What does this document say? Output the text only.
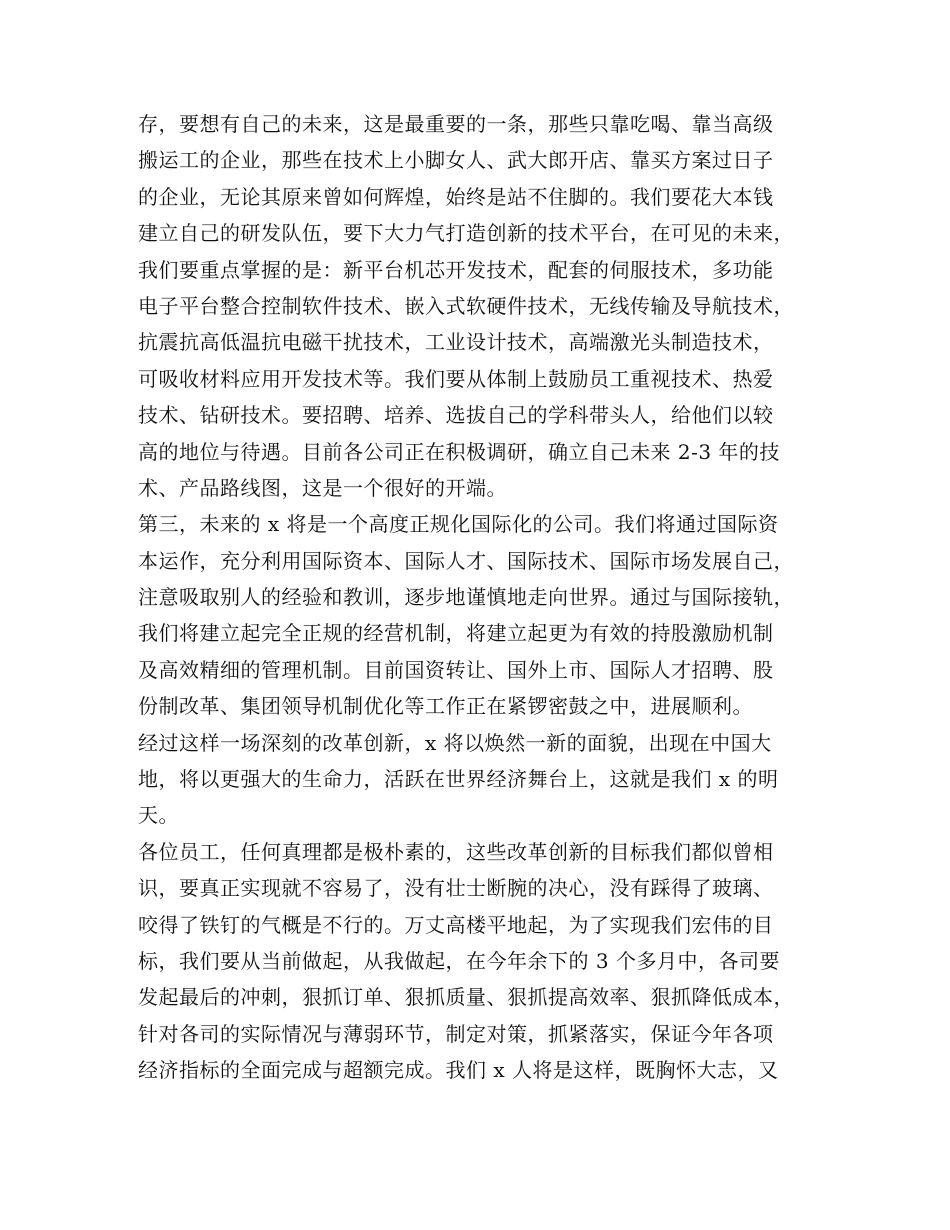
存，要想有自己的未来，这是最重要的一条，那些只靠吃喝、靠当高级
搬运工的企业，那些在技术上小脚女人、武大郎开店、靠买方案过日子
的企业，无论其原来曾如何辉煌，始终是站不住脚的。我们要花大本钱
建立自己的研发队伍，要下大力气打造创新的技术平台，在可见的未来，
我们要重点掌握的是：新平台机芯开发技术，配套的伺服技术，多功能
电子平台整合控制软件技术、嵌入式软硬件技术，无线传输及导航技术，
抗震抗高低温抗电磁干扰技术，工业设计技术，高端激光头制造技术，
可吸收材料应用开发技术等。我们要从体制上鼓励员工重视技术、热爱
技术、钻研技术。要招聘、培养、选拔自己的学科带头人，给他们以较
高的地位与待遇。目前各公司正在积极调研，确立自己未来 2-3 年的技
术、产品路线图，这是一个很好的开端。
第三，未来的 x 将是一个高度正规化国际化的公司。我们将通过国际资
本运作，充分利用国际资本、国际人才、国际技术、国际市场发展自己，
注意吸取别人的经验和教训，逐步地谨慎地走向世界。通过与国际接轨，
我们将建立起完全正规的经营机制，将建立起更为有效的持股激励机制
及高效精细的管理机制。目前国资转让、国外上市、国际人才招聘、股
份制改革、集团领导机制优化等工作正在紧锣密鼓之中，进展顺利。
经过这样一场深刻的改革创新，x 将以焕然一新的面貌，出现在中国大
地，将以更强大的生命力，活跃在世界经济舞台上，这就是我们 x 的明
天。
各位员工，任何真理都是极朴素的，这些改革创新的目标我们都似曾相
识，要真正实现就不容易了，没有壮士断腕的决心，没有踩得了玻璃、
咬得了铁钉的气概是不行的。万丈高楼平地起，为了实现我们宏伟的目
标，我们要从当前做起，从我做起，在今年余下的 3 个多月中，各司要
发起最后的冲刺，狠抓订单、狠抓质量、狠抓提高效率、狠抓降低成本，
针对各司的实际情况与薄弱环节，制定对策，抓紧落实，保证今年各项
经济指标的全面完成与超额完成。我们 x 人将是这样，既胸怀大志，又
